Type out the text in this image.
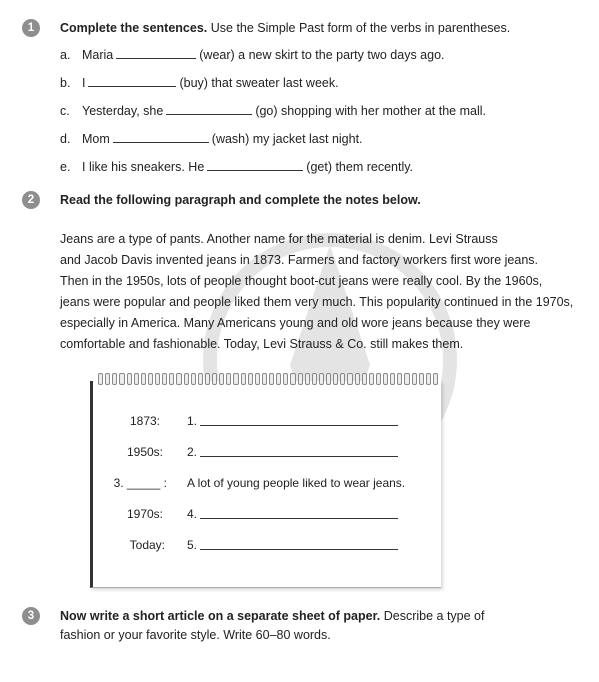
1	Complete the sentences. Use the Simple Past form of the verbs in parentheses.
a. Maria	(wear) a new skirt to the party two days ago.
b. I	(buy) that sweater last week.
c. Yesterday, she	(go) shopping with her mother at the mall.
d. Mom	(wash) my jacket last night.
e. I like his sneakers. He	(get) them recently.
2	Read the following paragraph and complete the notes below.
Jeans are a type of pants. Another name for the material is denim. Levi Strauss
and Jacob Davis invented jeans in 1873. Farmers and factory workers first wore jeans.
Then in the 1950s, lots of people thought boot-cut jeans were really cool. By the 1960s,
jeans were popular and people liked them very much. This popularity continued in the 1970s,
especially in America. Many Americans young and old wore jeans because they were
comfortable and fashionable. Today, Levi Strauss & Co. still makes them.
1873: 1.
1950s: 2.
3. _____ : A lot of young people liked to wear jeans.
1970s: 4.
Today: 5.
3	Now write a short article on a separate sheet of paper. Describe a type of
fashion or your favorite style. Write 60–80 words.
